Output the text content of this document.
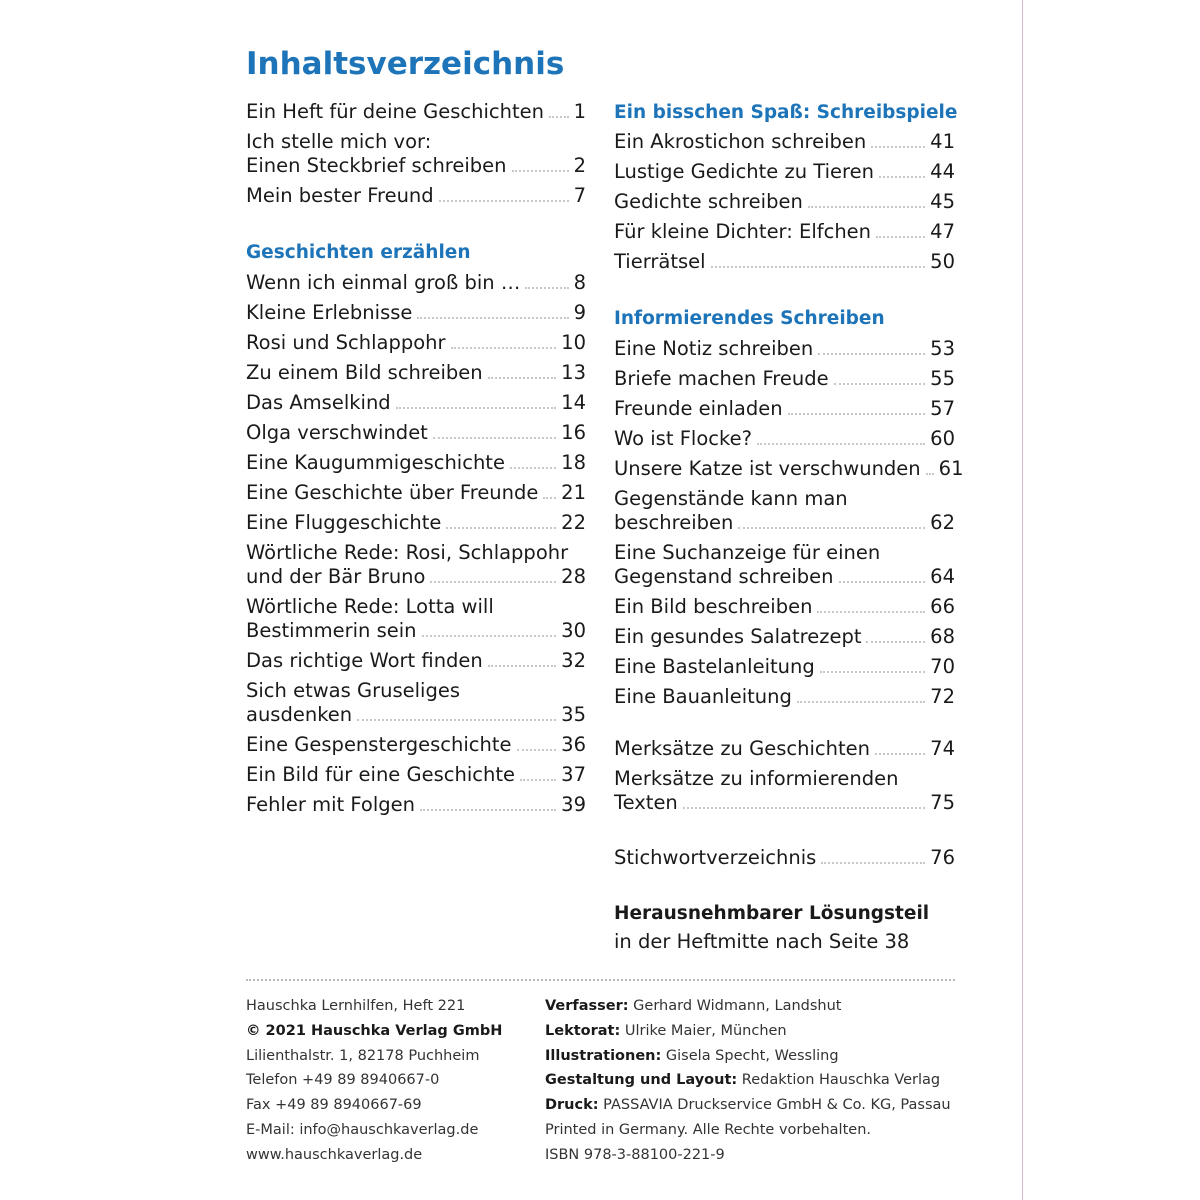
Inhaltsverzeichnis
Ein Heft für deine Geschichten 1
Ich stelle mich vor:
Einen Steckbrief schreiben	2
Mein bester Freund	7
Geschichten erzählen
Wenn ich einmal groß bin …	8
Kleine Erlebnisse	9
Rosi und Schlappohr	10
Zu einem Bild schreiben	13
Das Amselkind	14
Olga verschwindet	16
Eine Kaugummigeschichte	18
Eine Geschichte über Freunde 21
Eine Fluggeschichte	22
Wörtliche Rede: Rosi, Schlappohr
und der Bär Bruno	28
Wörtliche Rede: Lotta will
Bestimmerin sein	30
Das richtige Wort finden	32
Sich etwas Gruseliges
ausdenken	35
Eine Gespenstergeschichte	36
Ein Bild für eine Geschichte 37
Fehler mit Folgen	39
Ein bisschen Spaß: Schreibspiele
Ein Akrostichon schreiben	41
Lustige Gedichte zu Tieren	44
Gedichte schreiben	45
Für kleine Dichter: Elfchen	47
Tierrätsel	50
Informierendes Schreiben
Eine Notiz schreiben	53
Briefe machen Freude	55
Freunde einladen	57
Wo ist Flocke?	60
Unsere Katze ist verschwunden 61
Gegenstände kann man
beschreiben	62
Eine Suchanzeige für einen
Gegenstand schreiben	64
Ein Bild beschreiben	66
Ein gesundes Salatrezept	68
Eine Bastelanleitung	70
Eine Bauanleitung	72
Merksätze zu Geschichten	74
Merksätze zu informierenden
Texten	75
Stichwortverzeichnis	76
Herausnehmbarer Lösungsteil
in der Heftmitte nach Seite 38
Hauschka Lernhilfen, Heft 221
© 2021 Hauschka Verlag GmbH
Lilienthalstr. 1, 82178 Puchheim
Telefon +49 89 8940667-0
Fax +49 89 8940667-69
E-Mail: info@hauschkaverlag.de
www.hauschkaverlag.de
Verfasser: Gerhard Widmann, Landshut
Lektorat: Ulrike Maier, München
Illustrationen: Gisela Specht, Wessling
Gestaltung und Layout: Redaktion Hauschka Verlag
Druck: PASSAVIA Druckservice GmbH & Co. KG, Passau
Printed in Germany. Alle Rechte vorbehalten.
ISBN 978-3-88100-221-9
